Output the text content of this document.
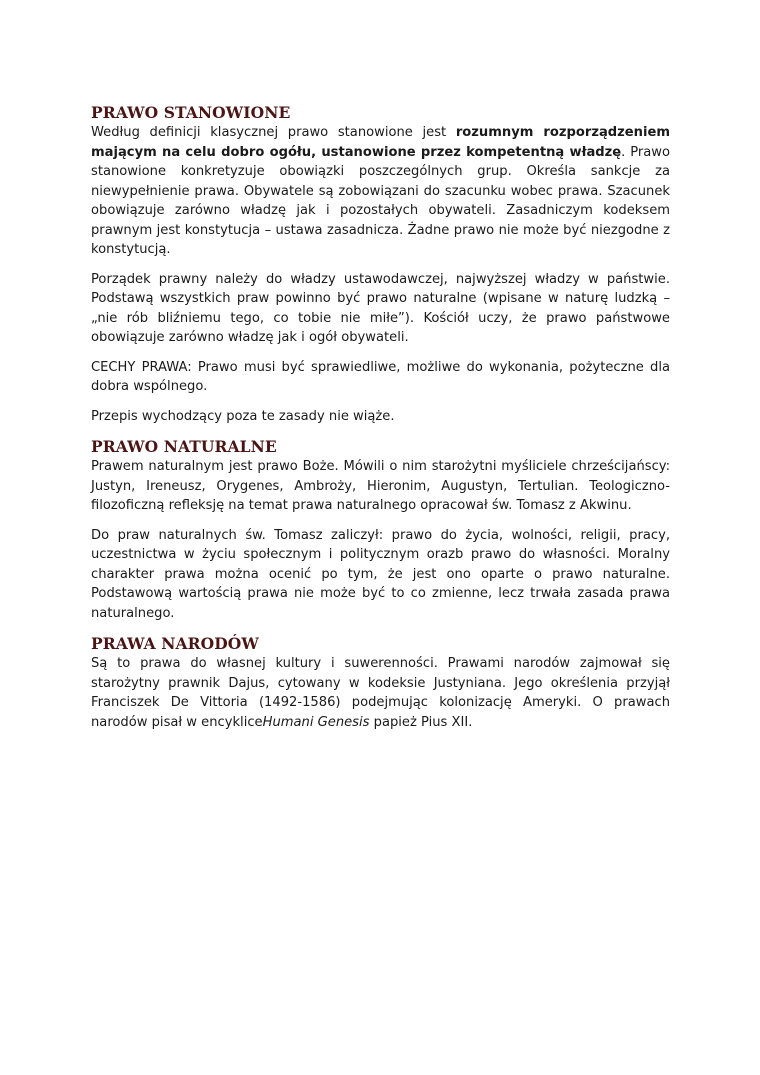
PRAWO STANOWIONE

Według definicji klasycznej prawo stanowione jest rozumnym rozporządzeniem mającym na celu dobro ogółu, ustanowione przez kompetentną władzę. Prawo stanowione konkretyzuje obowiązki poszczególnych grup. Określa sankcje za niewypełnienie prawa. Obywatele są zobowiązani do szacunku wobec prawa. Szacunek obowiązuje zarówno władzę jak i pozostałych obywateli. Zasadniczym kodeksem prawnym jest konstytucja – ustawa zasadnicza. Żadne prawo nie może być niezgodne z konstytucją.

Porządek prawny należy do władzy ustawodawczej, najwyższej władzy w państwie. Podstawą wszystkich praw powinno być prawo naturalne (wpisane w naturę ludzką – „nie rób bliźniemu tego, co tobie nie miłe”). Kościół uczy, że prawo państwowe obowiązuje zarówno władzę jak i ogół obywateli.

CECHY PRAWA: Prawo musi być sprawiedliwe, możliwe do wykonania, pożyteczne dla dobra wspólnego.

Przepis wychodzący poza te zasady nie wiąże.

PRAWO NATURALNE

Prawem naturalnym jest prawo Boże. Mówili o nim starożytni myśliciele chrześcijańscy: Justyn, Ireneusz, Orygenes, Ambroży, Hieronim, Augustyn, Tertulian. Teologiczno-filozoficzną refleksję na temat prawa naturalnego opracował św. Tomasz z Akwinu.

Do praw naturalnych św. Tomasz zaliczył: prawo do życia, wolności, religii, pracy, uczestnictwa w życiu społecznym i politycznym orazb prawo do własności. Moralny charakter prawa można ocenić po tym, że jest ono oparte o prawo naturalne. Podstawową wartością prawa nie może być to co zmienne, lecz trwała zasada prawa naturalnego.

PRAWA NARODÓW

Są to prawa do własnej kultury i suwerenności. Prawami narodów zajmował się starożytny prawnik Dajus, cytowany w kodeksie Justyniana. Jego określenia przyjął Franciszek De Vittoria (1492-1586) podejmując kolonizację Ameryki. O prawach narodów pisał w encykliceHumani Genesis papież Pius XII.
